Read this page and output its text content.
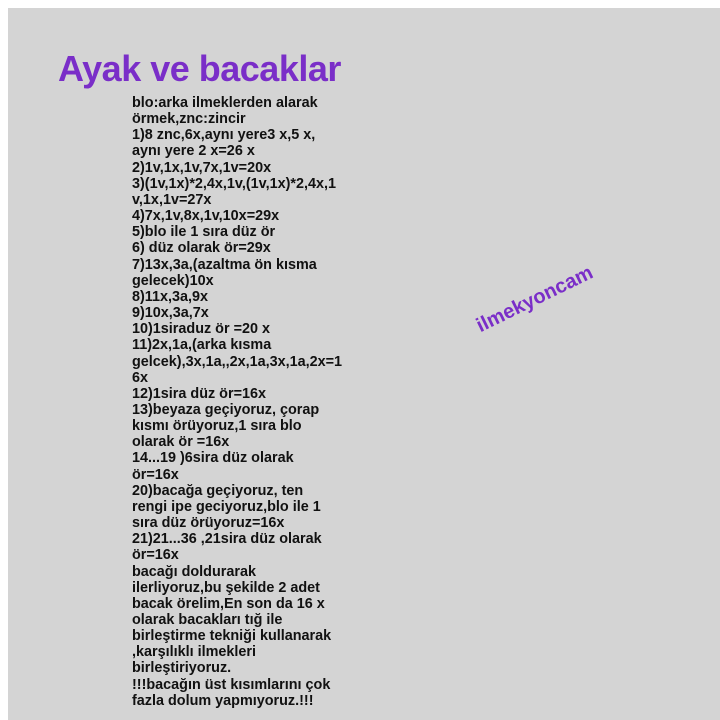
Ayak ve bacaklar
blo:arka ilmeklerden alarak
örmek,znc:zincir
1)8 znc,6x,aynı yere3 x,5 x,
aynı yere 2 x=26 x
2)1v,1x,1v,7x,1v=20x
3)(1v,1x)*2,4x,1v,(1v,1x)*2,4x,1
v,1x,1v=27x
4)7x,1v,8x,1v,10x=29x
5)blo ile 1 sıra düz ör
6) düz olarak ör=29x
7)13x,3a,(azaltma ön kısma
gelecek)10x
8)11x,3a,9x
9)10x,3a,7x
10)1siraduz ör =20 x
11)2x,1a,(arka kısma
gelcek),3x,1a,,2x,1a,3x,1a,2x=1
6x
12)1sira düz ör=16x
13)beyaza geçiyoruz, çorap
kısmı örüyoruz,1 sıra blo
olarak ör =16x
14...19 )6sira düz olarak
ör=16x
20)bacağa geçiyoruz, ten
rengi ipe geciyoruz,blo ile 1
sıra düz örüyoruz=16x
21)21...36 ,21sira düz olarak
ör=16x
bacağı doldurarak
ilerliyoruz,bu şekilde 2 adet
bacak örelim,En son da 16 x
olarak bacakları tığ ile
birleştirme tekniği kullanarak
,karşılıklı ilmekleri
birleştiriyoruz.
!!!bacağın üst kısımlarını çok
fazla dolum yapmıyoruz.!!!
ilmekyoncam
